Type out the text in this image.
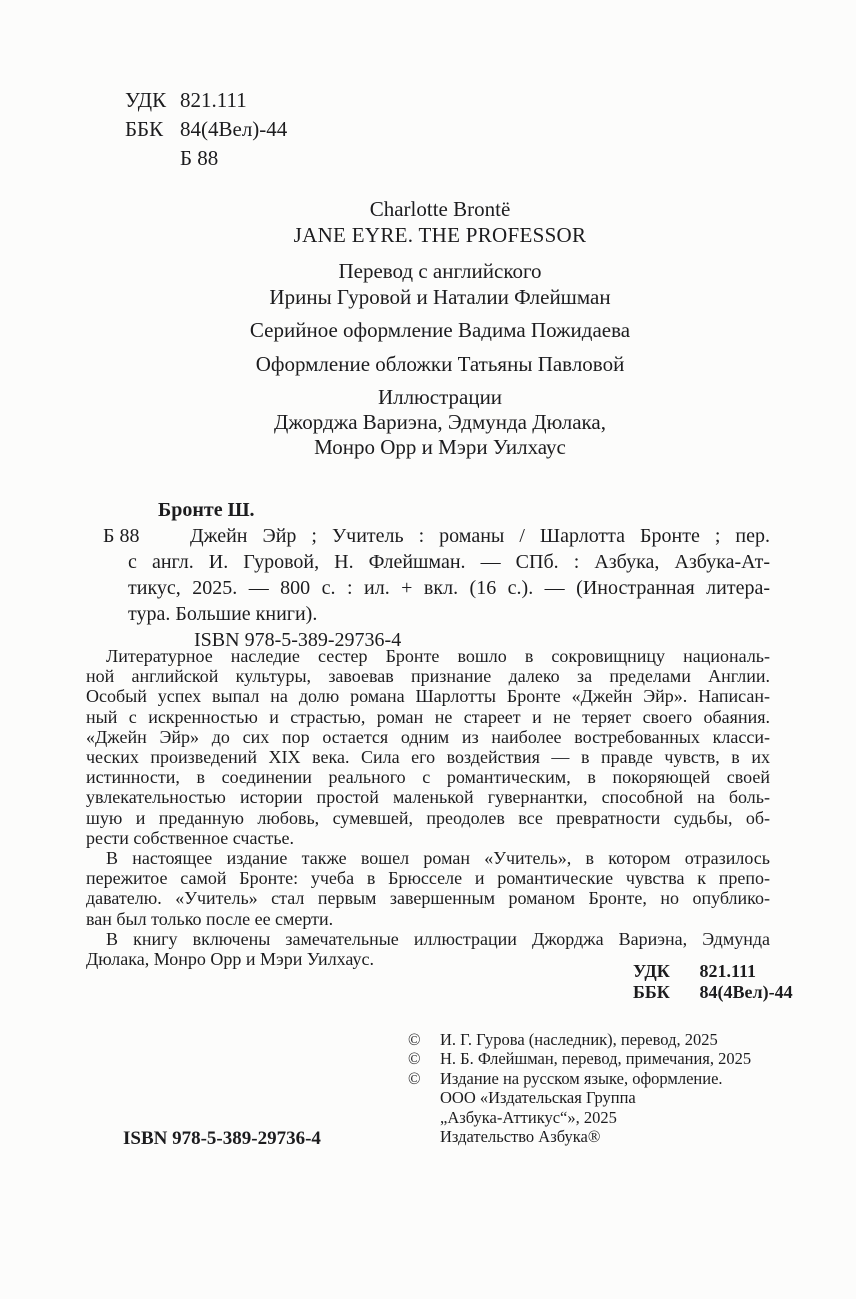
УДК 821.111
ББК 84(4Вел)-44
Б 88
Charlotte Brontë
JANE EYRE. THE PROFESSOR
Перевод с английского
Ирины Гуровой и Наталии Флейшман
Серийное оформление Вадима Пожидаева
Оформление обложки Татьяны Павловой
Иллюстрации
Джорджа Вариэна, Эдмунда Дюлака,
Монро Орр и Мэри Уилхаус
Бронте Ш.
Б 88	Джейн Эйр ; Учитель : романы / Шарлотта Бронте ; пер.
с англ. И. Гуровой, Н. Флейшман. — СПб. : Азбука, Азбука-Ат-
тикус, 2025. — 800 с. : ил. + вкл. (16 с.). — (Иностранная литера-
тура. Большие книги).
ISBN 978-5-389-29736-4
Литературное наследие сестер Бронте вошло в сокровищницу националь-
ной английской культуры, завоевав признание далеко за пределами Англии.
Особый успех выпал на долю романа Шарлотты Бронте «Джейн Эйр». Написан-
ный с искренностью и страстью, роман не стареет и не теряет своего обаяния.
«Джейн Эйр» до сих пор остается одним из наиболее востребованных класси-
ческих произведений XIX века. Сила его воздействия — в правде чувств, в их
истинности, в соединении реального с романтическим, в покоряющей своей
увлекательностью истории простой маленькой гувернантки, способной на боль-
шую и преданную любовь, сумевшей, преодолев все превратности судьбы, об-
рести собственное счастье.
В настоящее издание также вошел роман «Учитель», в котором отразилось
пережитое самой Бронте: учеба в Брюсселе и романтические чувства к препо-
давателю. «Учитель» стал первым завершенным романом Бронте, но опублико-
ван был только после ее смерти.
В книгу включены замечательные иллюстрации Джорджа Вариэна, Эдмунда
Дюлака, Монро Орр и Мэри Уилхаус.
УДК 821.111
ББК 84(4Вел)-44
©	И. Г. Гурова (наследник), перевод, 2025
©	Н. Б. Флейшман, перевод, примечания, 2025
©	Издание на русском языке, оформление.
ООО «Издательская Группа
„Азбука-Аттикус“», 2025
Издательство Азбука®
ISBN 978-5-389-29736-4
